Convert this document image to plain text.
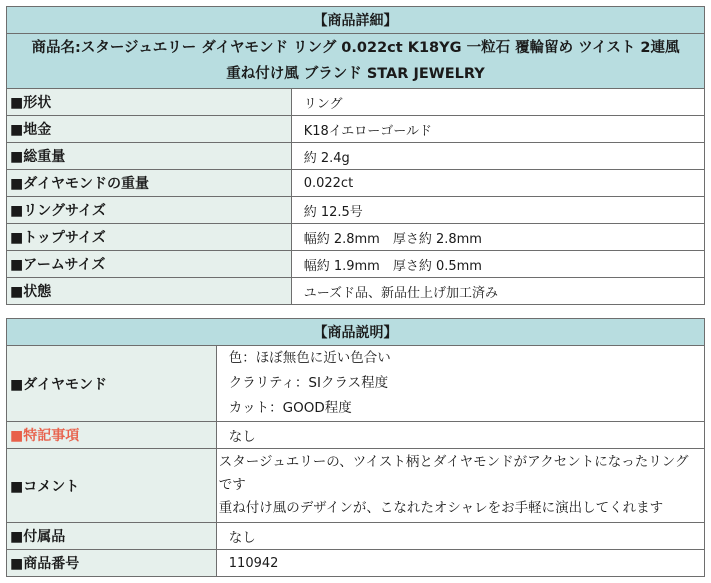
【商品詳細】	

商品名:スタージュエリー ダイヤモンド リング 0.022ct K18YG 一粒石 覆輪留め ツイスト 2連風
重ね付け風 ブランド STAR JEWELRY	

■ 形状	リング
■ 地金	K18イエローゴールド
■ 総重量	約 2.4g
■ ダイヤモンドの重量	0.022ct
■ リングサイズ	約 12.5号
■ トップサイズ	幅約 2.8mm　厚さ約 2.8mm
■ アームサイズ	幅約 1.9mm　厚さ約 0.5mm
■ 状態	ユーズド品、新品仕上げ加工済み
【商品説明】	
■ ダイヤモンド	色：ほぼ無色に近い色合い
クラリティ：SIクラス程度
カット：GOOD程度

■ 特記事項	なし
■ コメント	スタージュエリーの、ツイスト柄とダイヤモンドがアクセントになったリング
です
重ね付け風のデザインが、こなれたオシャレをお手軽に演出してくれます

■ 付属品	なし
■ 商品番号	110942
